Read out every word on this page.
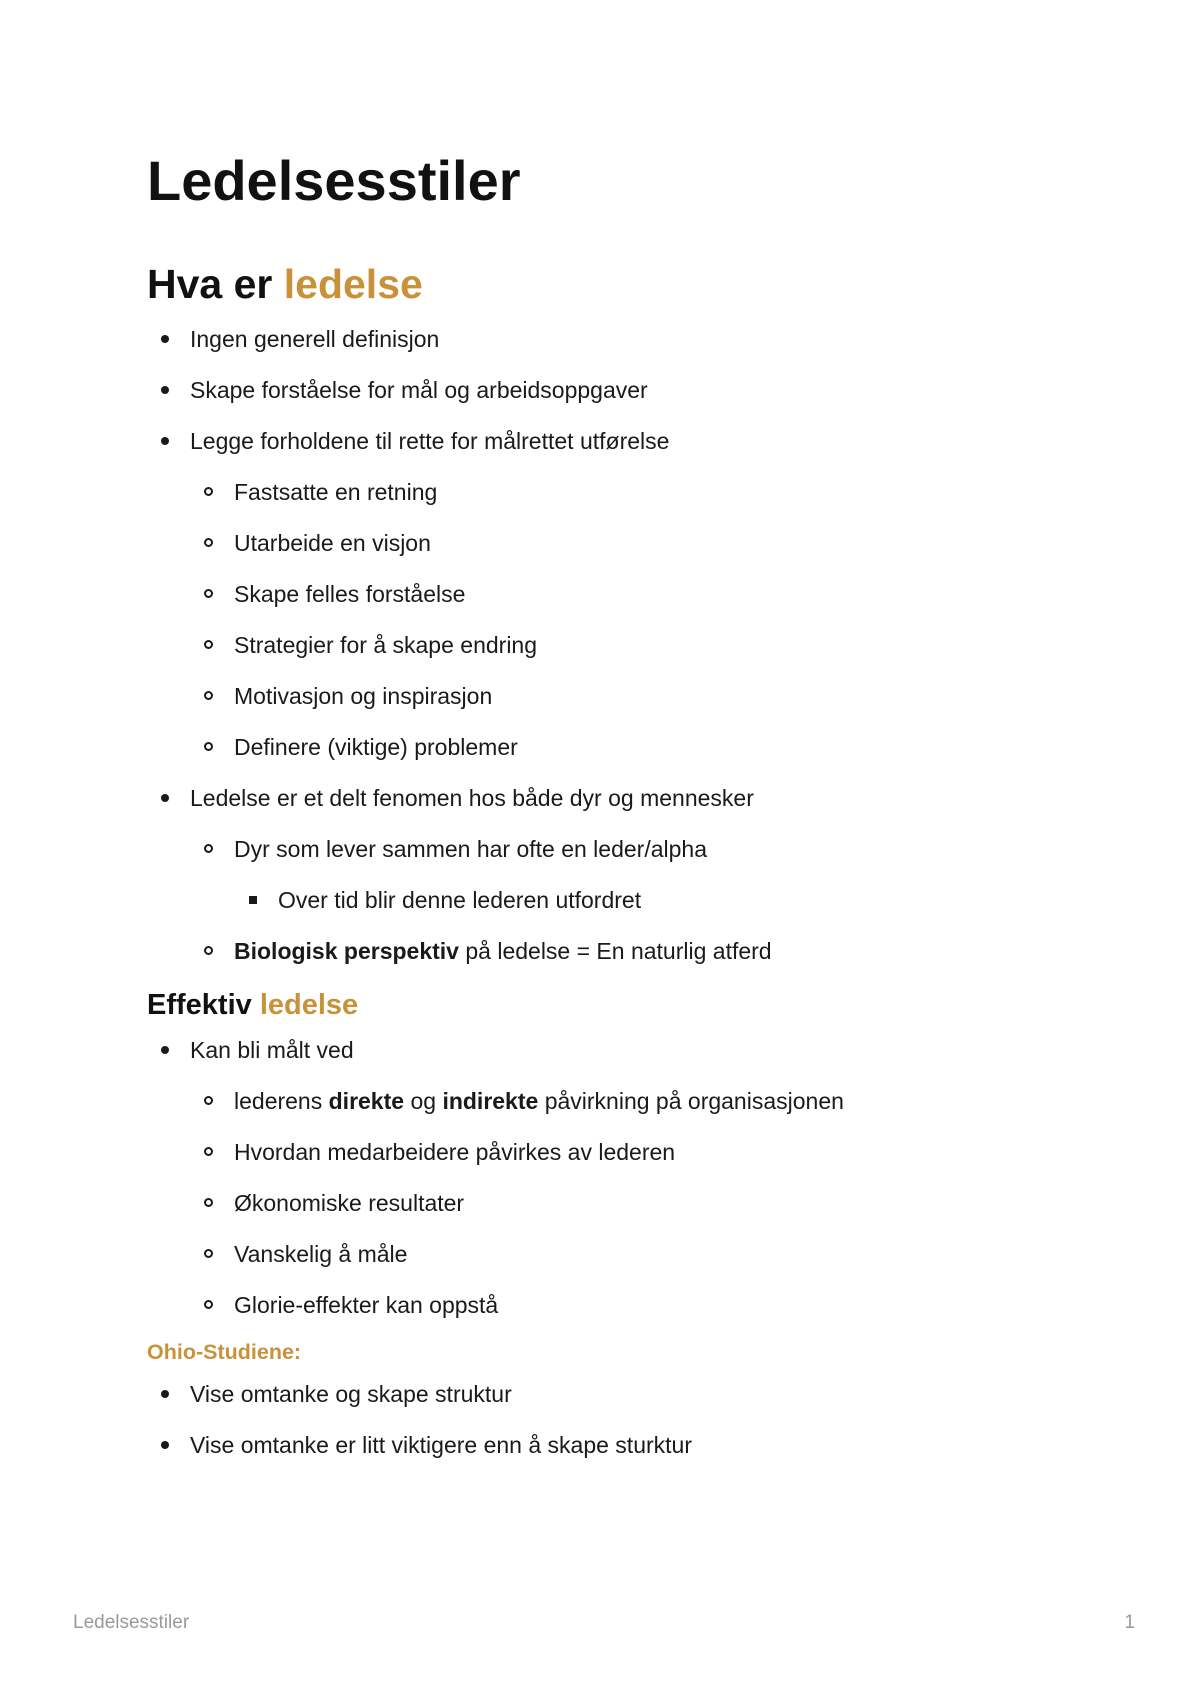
Ledelsesstiler
Hva er ledelse
Ingen generell definisjon
Skape forståelse for mål og arbeidsoppgaver
Legge forholdene til rette for målrettet utførelse
Fastsatte en retning
Utarbeide en visjon
Skape felles forståelse
Strategier for å skape endring
Motivasjon og inspirasjon
Definere (viktige) problemer
Ledelse er et delt fenomen hos både dyr og mennesker
Dyr som lever sammen har ofte en leder/alpha
Over tid blir denne lederen utfordret
Biologisk perspektiv på ledelse = En naturlig atferd
Effektiv ledelse
Kan bli målt ved
lederens direkte og indirekte påvirkning på organisasjonen
Hvordan medarbeidere påvirkes av lederen
Økonomiske resultater
Vanskelig å måle
Glorie-effekter kan oppstå
Ohio-Studiene:
Vise omtanke og skape struktur
Vise omtanke er litt viktigere enn å skape sturktur
Ledelsesstiler	1
